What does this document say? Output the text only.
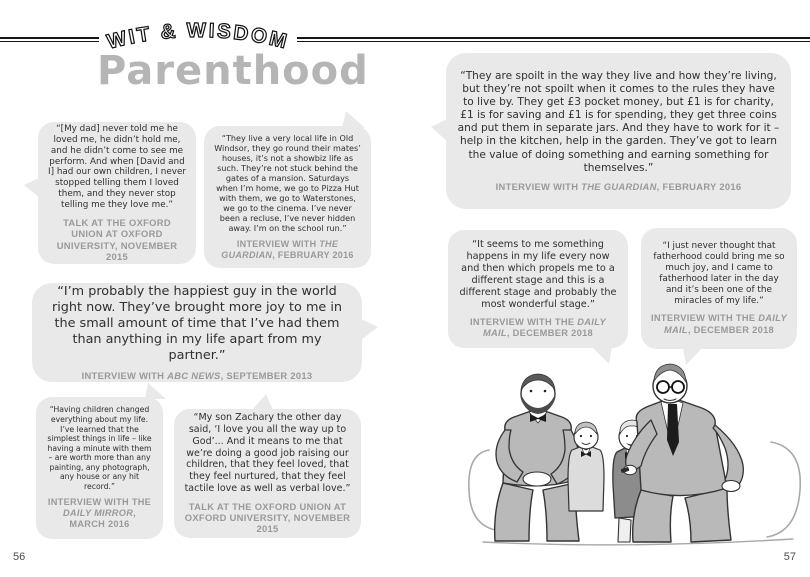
WIT & WISDOM
Parenthood
“[My dad] never told me he loved me, he didn’t hold me, and he didn’t come to see me perform. And when [David and I] had our own children, I never stopped telling them I loved them, and they never stop telling me they love me.”
TALK AT THE OXFORD UNION AT OXFORD UNIVERSITY, NOVEMBER 2015
“They live a very local life in Old Windsor, they go round their mates’ houses, it’s not a showbiz life as such. They’re not stuck behind the gates of a mansion. Saturdays when I’m home, we go to Pizza Hut with them, we go to Waterstones, we go to the cinema. I’ve never been a recluse, I’ve never hidden away. I’m on the school run.”
INTERVIEW WITH THE GUARDIAN, FEBRUARY 2016
“I’m probably the happiest guy in the world right now. They’ve brought more joy to me in the small amount of time that I’ve had them than anything in my life apart from my partner.”
INTERVIEW WITH ABC NEWS, SEPTEMBER 2013
“Having children changed everything about my life. I’ve learned that the simplest things in life – like having a minute with them – are worth more than any painting, any photograph, any house or any hit record.”
INTERVIEW WITH THE DAILY MIRROR, MARCH 2016
“My son Zachary the other day said, ‘I love you all the way up to God’... And it means to me that we’re doing a good job raising our children, that they feel loved, that they feel nurtured, that they feel tactile love as well as verbal love.”
TALK AT THE OXFORD UNION AT OXFORD UNIVERSITY, NOVEMBER 2015
“They are spoilt in the way they live and how they’re living, but they’re not spoilt when it comes to the rules they have to live by. They get £3 pocket money, but £1 is for charity, £1 is for saving and £1 is for spending, they get three coins and put them in separate jars. And they have to work for it – help in the kitchen, help in the garden. They’ve got to learn the value of doing something and earning something for themselves.”
INTERVIEW WITH THE GUARDIAN, FEBRUARY 2016
“It seems to me something happens in my life every now and then which propels me to a different stage and this is a different stage and probably the most wonderful stage.”
INTERVIEW WITH THE DAILY MAIL, DECEMBER 2018
“I just never thought that fatherhood could bring me so much joy, and I came to fatherhood later in the day and it’s been one of the miracles of my life.”
INTERVIEW WITH THE DAILY MAIL, DECEMBER 2018
56	57
